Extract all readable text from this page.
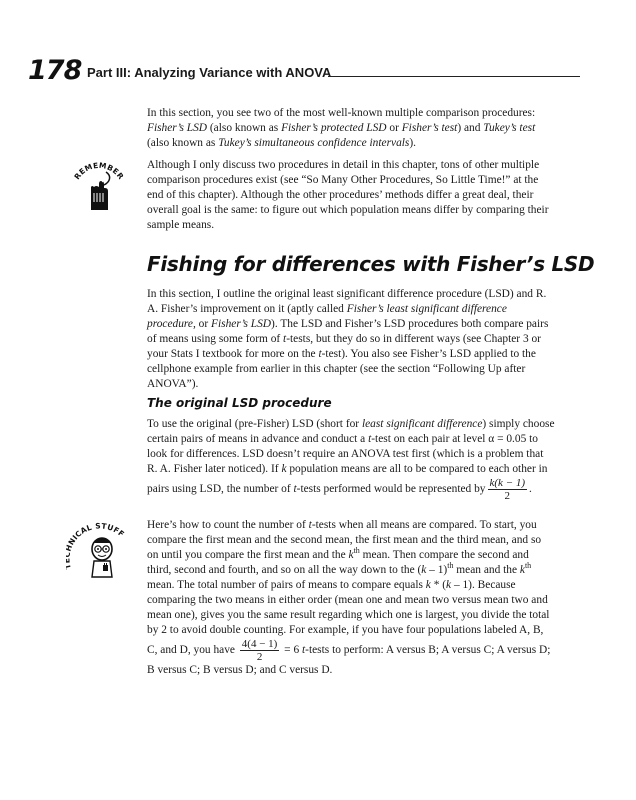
178 Part III: Analyzing Variance with ANOVA

In this section, you see two of the most well-known multiple comparison procedures: Fisher’s LSD (also known as Fisher’s protected LSD or Fisher’s test) and Tukey’s test (also known as Tukey’s simultaneous confidence intervals).

REMEMBER

Although I only discuss two procedures in detail in this chapter, tons of other multiple comparison procedures exist (see “So Many Other Procedures, So Little Time!” at the end of this chapter). Although the other procedures’ methods differ a great deal, their overall goal is the same: to figure out which population means differ by comparing their sample means.

Fishing for differences with Fisher’s LSD

In this section, I outline the original least significant difference procedure (LSD) and R. A. Fisher’s improvement on it (aptly called Fisher’s least significant difference procedure, or Fisher’s LSD). The LSD and Fisher’s LSD procedures both compare pairs of means using some form of t-tests, but they do so in different ways (see Chapter 3 or your Stats I textbook for more on the t-test). You also see Fisher’s LSD applied to the cellphone example from earlier in this chapter (see the section “Following Up after ANOVA”).

The original LSD procedure

To use the original (pre-Fisher) LSD (short for least significant difference) simply choose certain pairs of means in advance and conduct a t-test on each pair at level α = 0.05 to look for differences. LSD doesn’t require an ANOVA test first (which is a problem that R. A. Fisher later noticed). If k population means are all to be compared to each other in pairs using LSD, the number of t-tests performed would be represented by $\frac{k(k - 1)}{2}$ .

NICAL STUFF

Here’s how to count the number of t-tests when all means are compared. To start, you compare the first mean and the second mean, the first mean and the third mean, and so on until you compare the first mean and the $k^{th}$ mean. Then compare the second and third, second and fourth, and so on all the way down to the (k – 1)$^{th}$ mean and the $k^{th}$ mean. The total number of pairs of means to compare equals k * (k – 1). Because comparing the two means in either order (mean one and mean two versus mean two and mean one), gives you the same result regarding which one is largest, you divide the total by 2 to avoid double counting. For example, if you have four populations labeled A, B, C, and D, you have $\frac{4(4 - 1)}{2} = 6$ t-tests to perform: A versus B; A versus C; A versus D; B versus C; B versus D; and C versus D.
